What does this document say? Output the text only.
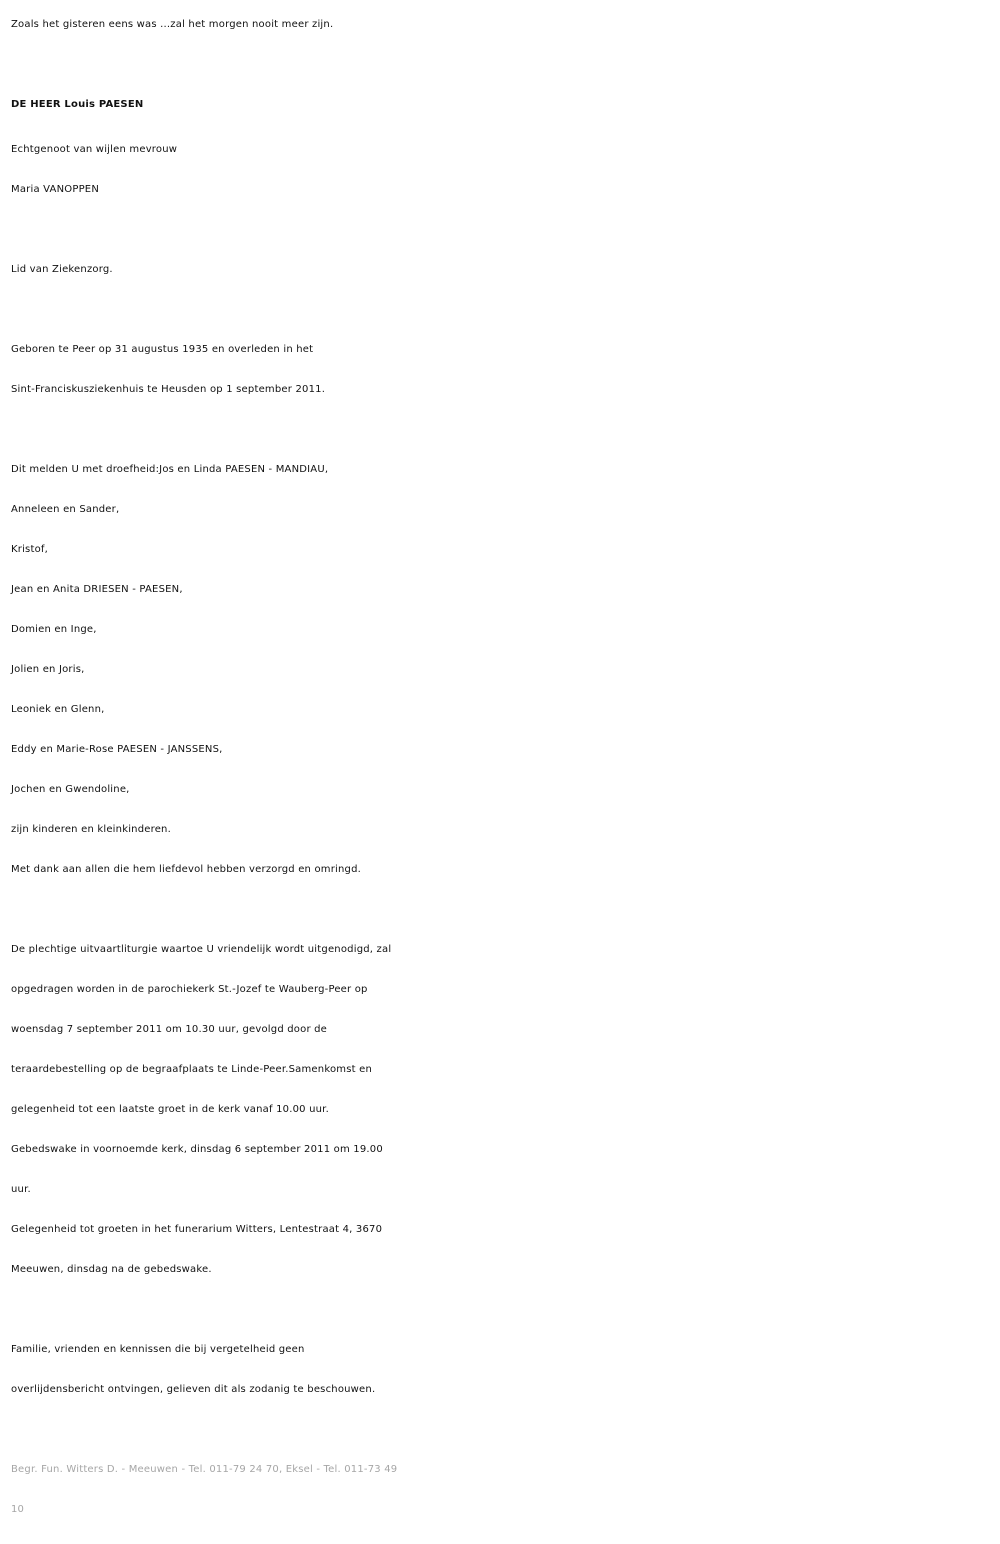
Zoals het gisteren eens was ...zal het morgen nooit meer zijn.
DE HEER Louis PAESEN
Echtgenoot van wijlen mevrouw
Maria VANOPPEN
Lid van Ziekenzorg.
Geboren te Peer op 31 augustus 1935 en overleden in het
Sint-Franciskusziekenhuis te Heusden op 1 september 2011.
Dit melden U met droefheid:Jos en Linda PAESEN - MANDIAU,
Anneleen en Sander,
Kristof,
Jean en Anita DRIESEN - PAESEN,
Domien en Inge,
Jolien en Joris,
Leoniek en Glenn,
Eddy en Marie-Rose PAESEN - JANSSENS,
Jochen en Gwendoline,
zijn kinderen en kleinkinderen.
Met dank aan allen die hem liefdevol hebben verzorgd en omringd.
De plechtige uitvaartliturgie waartoe U vriendelijk wordt uitgenodigd, zal
opgedragen worden in de parochiekerk St.-Jozef te Wauberg-Peer op
woensdag 7 september 2011 om 10.30 uur, gevolgd door de
teraardebestelling op de begraafplaats te Linde-Peer.Samenkomst en
gelegenheid tot een laatste groet in de kerk vanaf 10.00 uur.
Gebedswake in voornoemde kerk, dinsdag 6 september 2011 om 19.00
uur.
Gelegenheid tot groeten in het funerarium Witters, Lentestraat 4, 3670
Meeuwen, dinsdag na de gebedswake.
Familie, vrienden en kennissen die bij vergetelheid geen
overlijdensbericht ontvingen, gelieven dit als zodanig te beschouwen.
Begr. Fun. Witters D. - Meeuwen - Tel. 011-79 24 70, Eksel - Tel. 011-73 49
10
